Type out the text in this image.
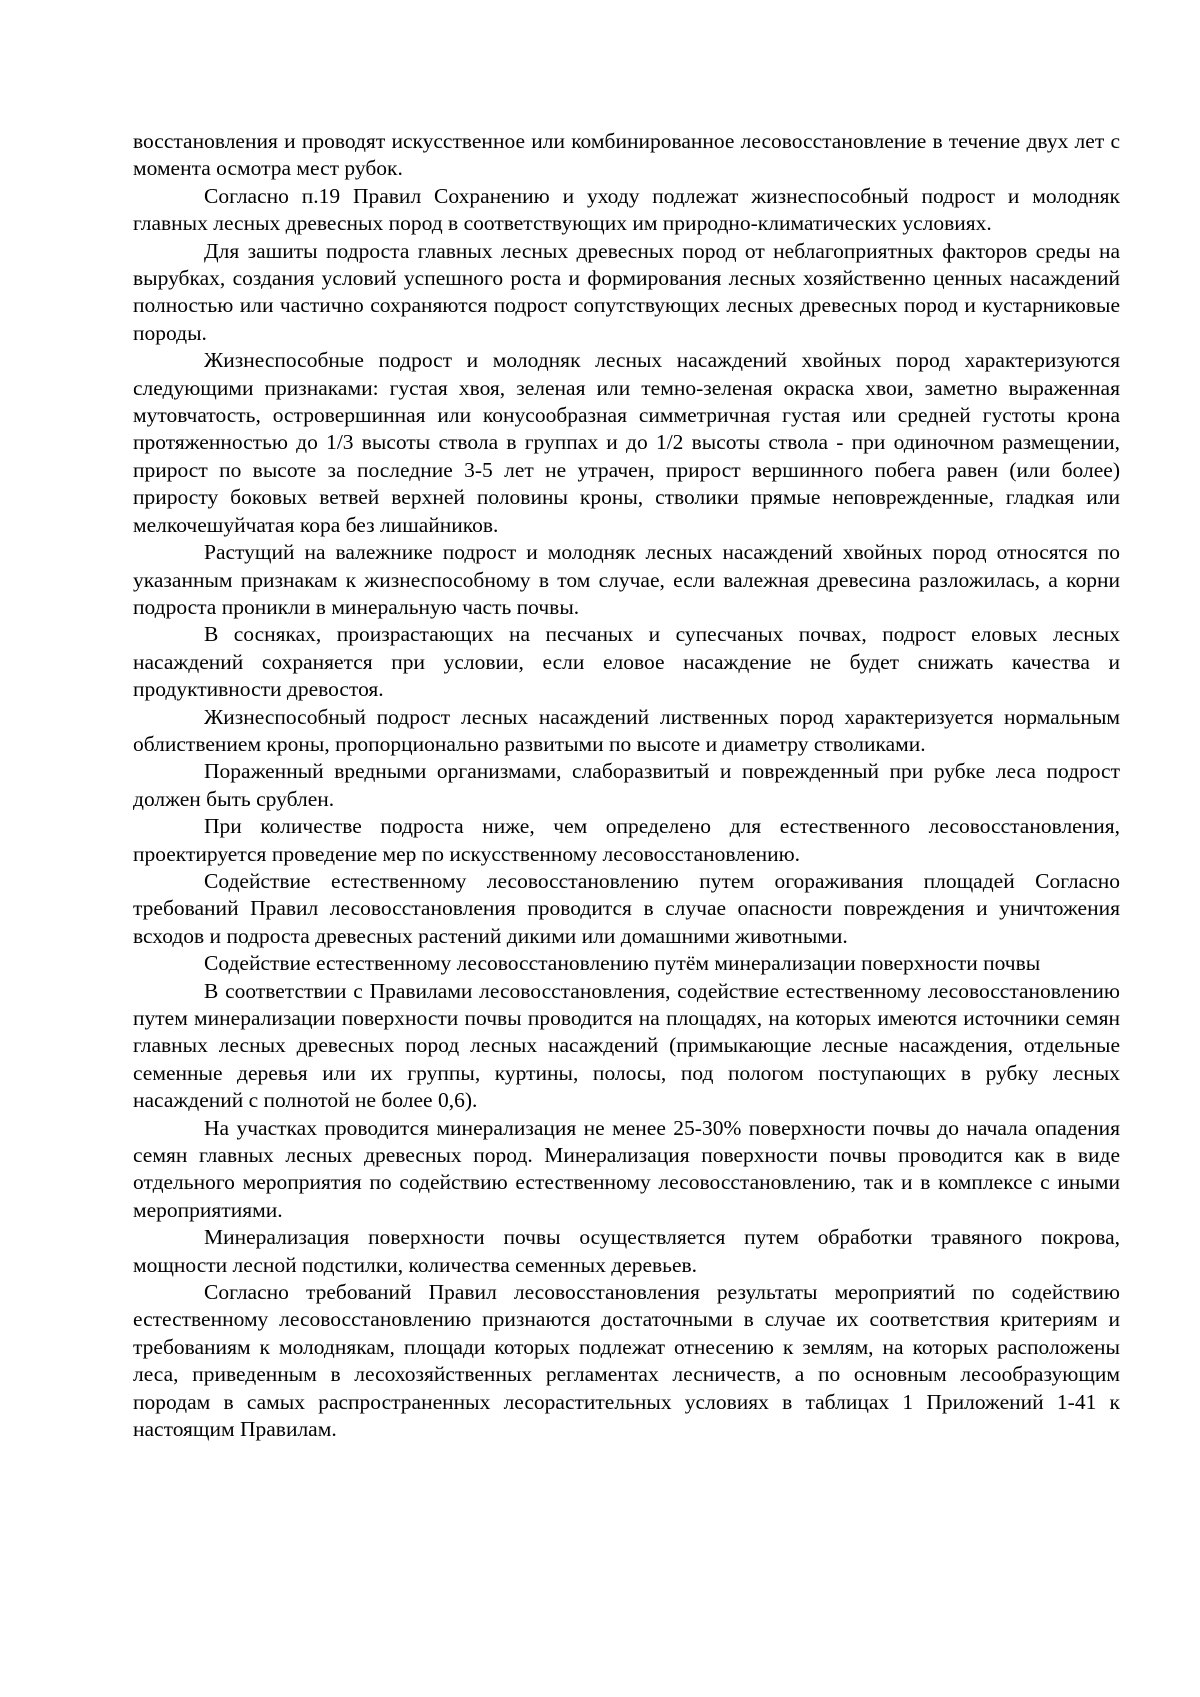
восстановления и проводят искусственное или комбинированное лесовосстановление в течение двух лет с момента осмотра мест рубок.

Согласно п.19 Правил Сохранению и уходу подлежат жизнеспособный подрост и молодняк главных лесных древесных пород в соответствующих им природно-климатических условиях.

Для зашиты подроста главных лесных древесных пород от неблагоприятных факторов среды на вырубках, создания условий успешного роста и формирования лесных хозяйственно ценных насаждений полностью или частично сохраняются подрост сопутствующих лесных древесных пород и кустарниковые породы.

Жизнеспособные подрост и молодняк лесных насаждений хвойных пород характеризуются следующими признаками: густая хвоя, зеленая или темно-зеленая окраска хвои, заметно выраженная мутовчатость, островершинная или конусообразная симметричная густая или средней густоты крона протяженностью до 1/3 высоты ствола в группах и до 1/2 высоты ствола - при одиночном размещении, прирост по высоте за последние 3-5 лет не утрачен, прирост вершинного побега равен (или более) приросту боковых ветвей верхней половины кроны, стволики прямые неповрежденные, гладкая или мелкочешуйчатая кора без лишайников.

Растущий на валежнике подрост и молодняк лесных насаждений хвойных пород относятся по указанным признакам к жизнеспособному в том случае, если валежная древесина разложилась, а корни подроста проникли в минеральную часть почвы.

В сосняках, произрастающих на песчаных и супесчаных почвах, подрост еловых лесных насаждений сохраняется при условии, если еловое насаждение не будет снижать качества и продуктивности древостоя.

Жизнеспособный подрост лесных насаждений лиственных пород характеризуется нормальным облиствением кроны, пропорционально развитыми по высоте и диаметру стволиками.

Пораженный вредными организмами, слаборазвитый и поврежденный при рубке леса подрост должен быть срублен.

При количестве подроста ниже, чем определено для естественного лесовосстановления, проектируется проведение мер по искусственному лесовосстановлению.

Содействие естественному лесовосстановлению путем огораживания площадей Согласно требований Правил лесовосстановления проводится в случае опасности повреждения и уничтожения всходов и подроста древесных растений дикими или домашними животными.

Содействие естественному лесовосстановлению путём минерализации поверхности почвы

В соответствии с Правилами лесовосстановления, содействие естественному лесовосстановлению путем минерализации поверхности почвы проводится на площадях, на которых имеются источники семян главных лесных древесных пород лесных насаждений (примыкающие лесные насаждения, отдельные семенные деревья или их группы, куртины, полосы, под пологом поступающих в рубку лесных насаждений с полнотой не более 0,6).

На участках проводится минерализация не менее 25-30% поверхности почвы до начала опадения семян главных лесных древесных пород. Минерализация поверхности почвы проводится как в виде отдельного мероприятия по содействию естественному лесовосстановлению, так и в комплексе с иными мероприятиями.

Минерализация поверхности почвы осуществляется путем обработки травяного покрова, мощности лесной подстилки, количества семенных деревьев.

Согласно требований Правил лесовосстановления результаты мероприятий по содействию естественному лесовосстановлению признаются достаточными в случае их соответствия критериям и требованиям к молоднякам, площади которых подлежат отнесению к землям, на которых расположены леса, приведенным в лесохозяйственных регламентах лесничеств, а по основным лесообразующим породам в самых распространенных лесорастительных условиях в таблицах 1 Приложений 1-41 к настоящим Правилам.
